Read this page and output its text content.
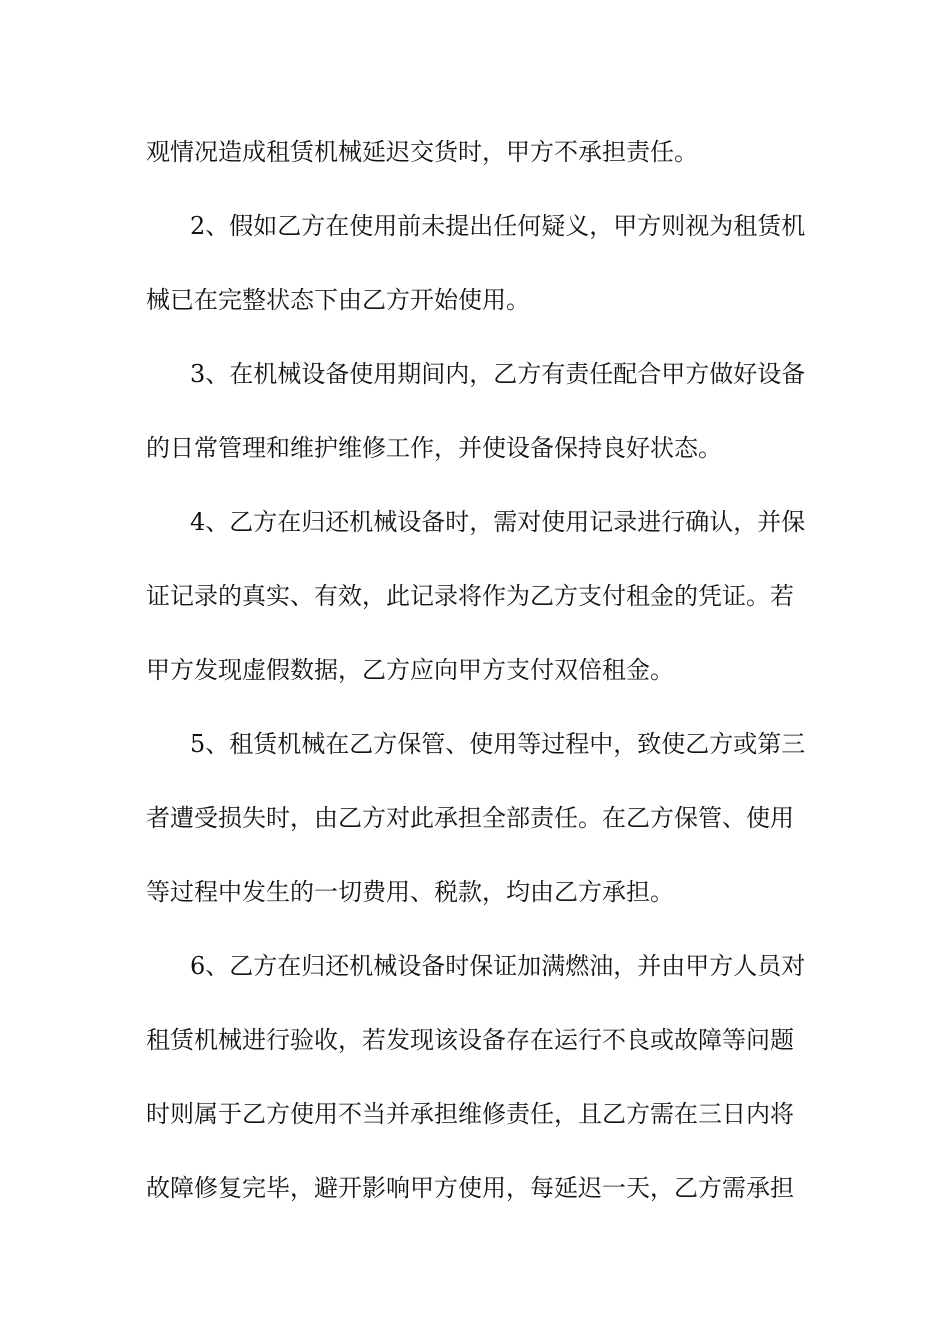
观情况造成租赁机械延迟交货时，甲方不承担责任。
2、假如乙方在使用前未提出任何疑义，甲方则视为租赁机
械已在完整状态下由乙方开始使用。
3、在机械设备使用期间内，乙方有责任配合甲方做好设备
的日常管理和维护维修工作，并使设备保持良好状态。
4、乙方在归还机械设备时，需对使用记录进行确认，并保
证记录的真实、有效，此记录将作为乙方支付租金的凭证。若
甲方发现虚假数据，乙方应向甲方支付双倍租金。
5、租赁机械在乙方保管、使用等过程中，致使乙方或第三
者遭受损失时，由乙方对此承担全部责任。在乙方保管、使用
等过程中发生的一切费用、税款，均由乙方承担。
6、乙方在归还机械设备时保证加满燃油，并由甲方人员对
租赁机械进行验收，若发现该设备存在运行不良或故障等问题
时则属于乙方使用不当并承担维修责任，且乙方需在三日内将
故障修复完毕，避开影响甲方使用，每延迟一天，乙方需承担
